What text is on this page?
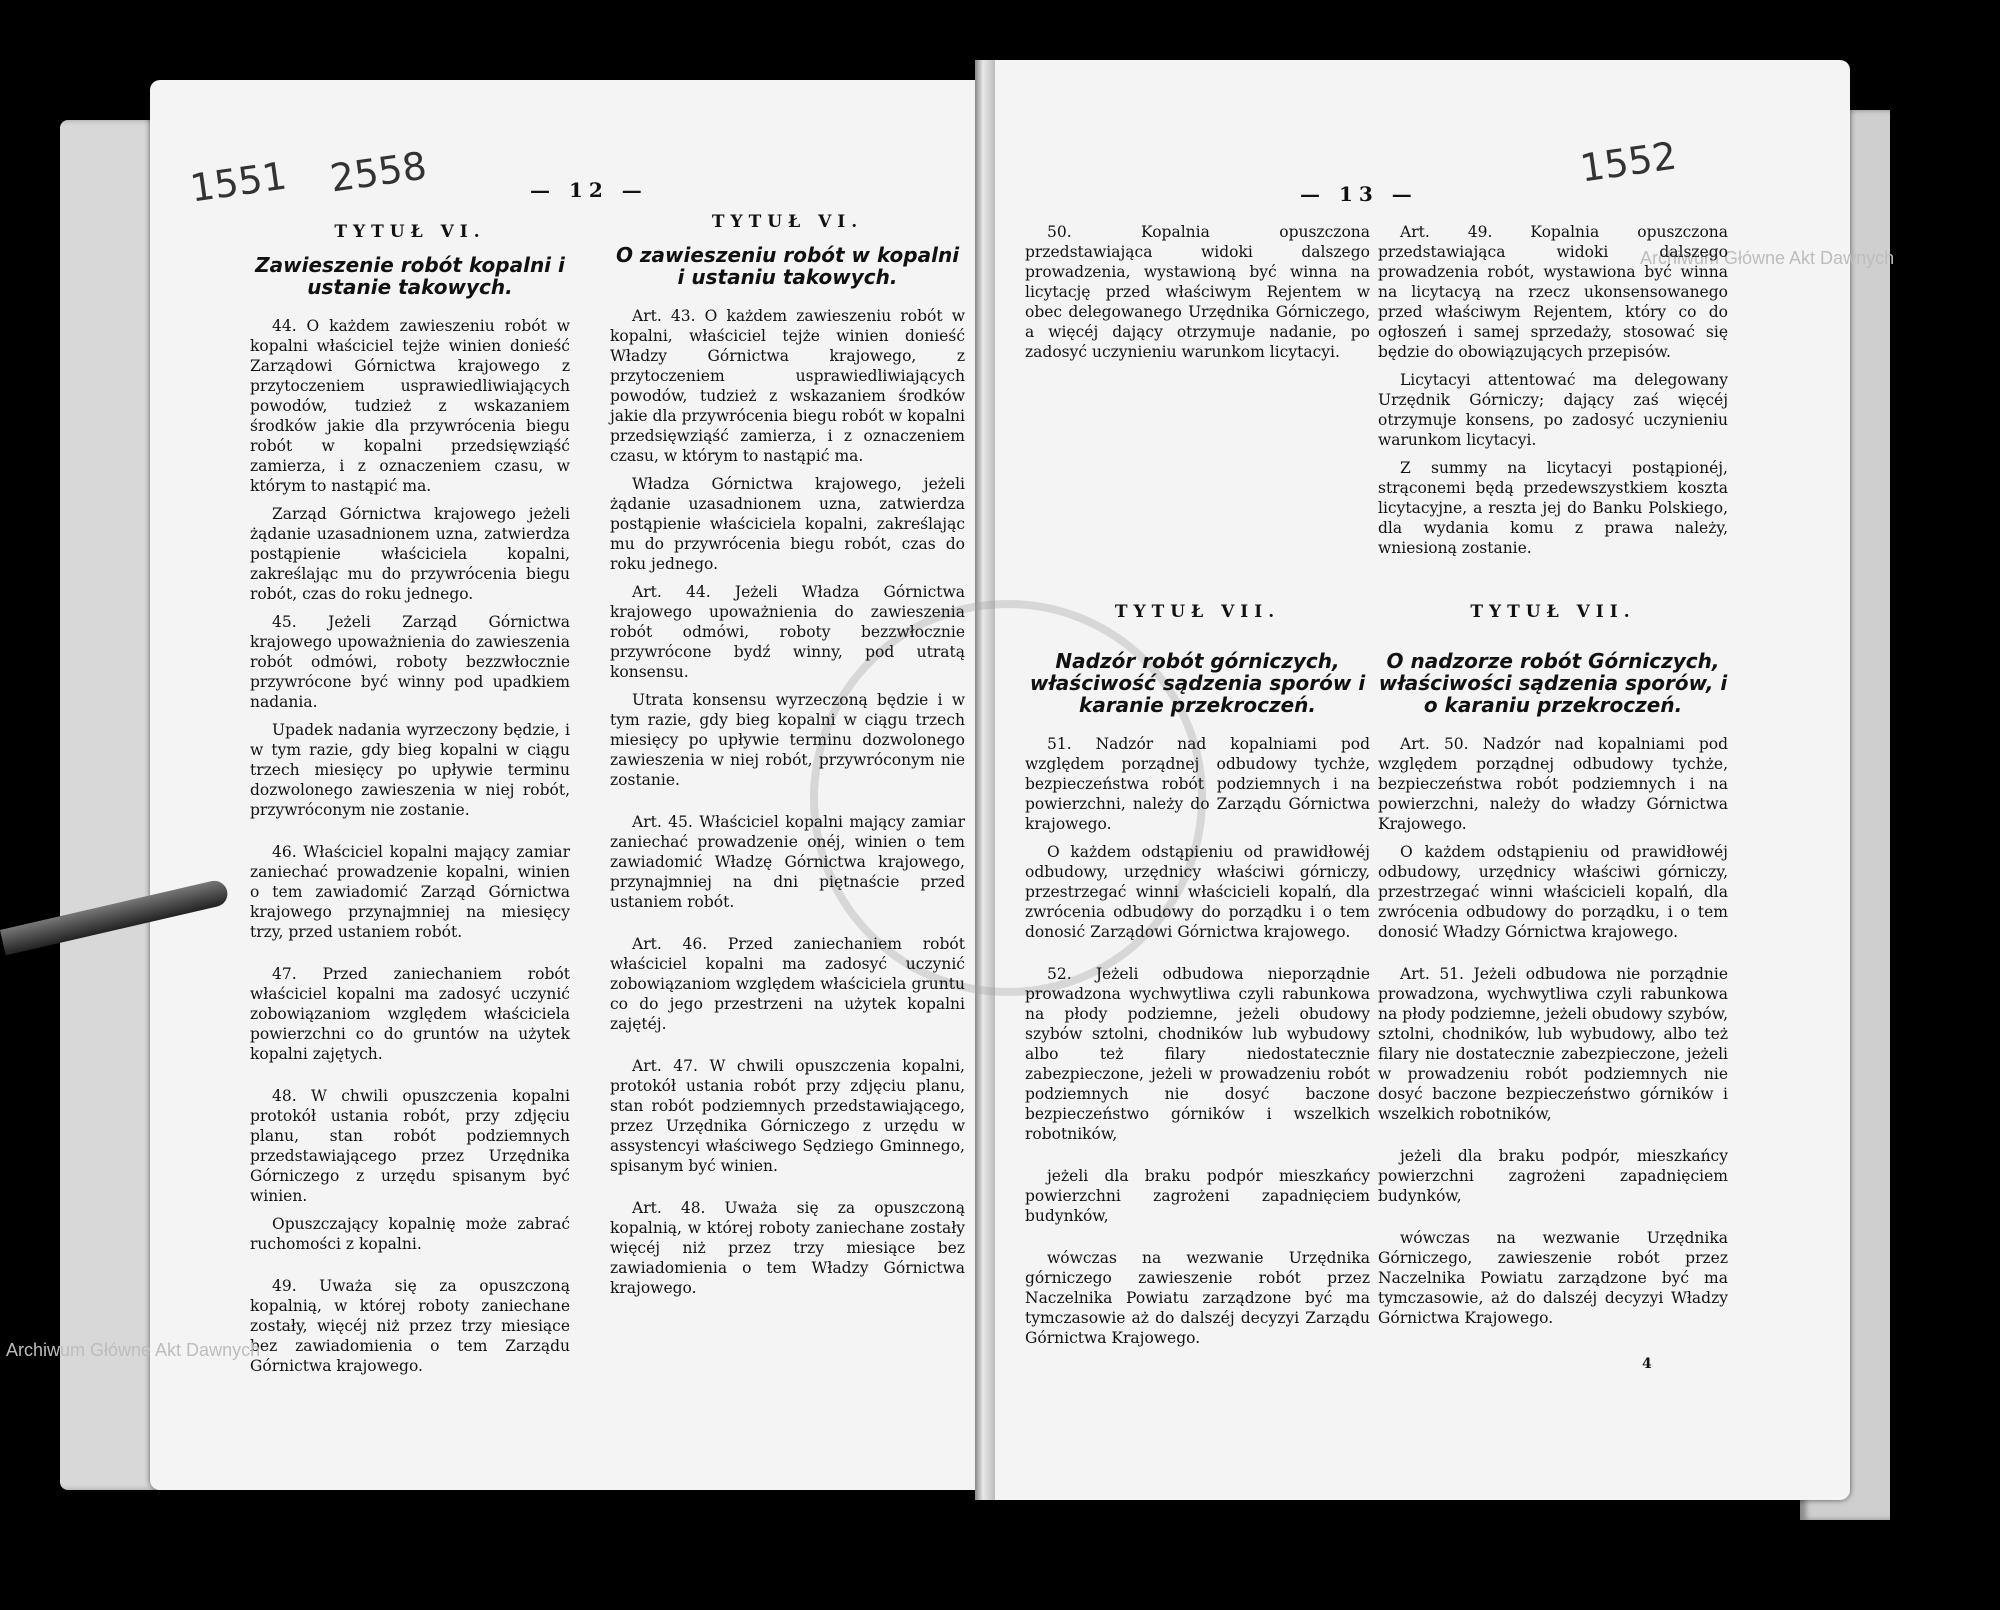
1551 2558	— 12 —
TYTUŁ VI.
Zawieszenie robót kopalni i ustanie takowych.

44. O każdem zawieszeniu robót w kopalni właściciel tejże winien donieść Zarządowi Górnictwa krajowego z przytoczeniem usprawiedliwiających powodów, tudzież z wskazaniem środków jakie dla przywrócenia biegu robót w kopalni przedsięwziąść zamierza, i z oznaczeniem czasu, w którym to nastąpić ma.

Zarząd Górnictwa krajowego jeżeli żądanie uzasadnionem uzna, zatwierdza postąpienie właściciela kopalni, zakreślając mu do przywrócenia biegu robót, czas do roku jednego.

45. Jeżeli Zarząd Górnictwa krajowego upoważnienia do zawieszenia robót odmówi, roboty bezzwłocznie przywrócone być winny pod upadkiem nadania.

Upadek nadania wyrzeczony będzie, i w tym razie, gdy bieg kopalni w ciągu trzech miesięcy po upływie terminu dozwolonego zawieszenia w niej robót, przywróconym nie zostanie.

46. Właściciel kopalni mający zamiar zaniechać prowadzenie kopalni, winien o tem zawiadomić Zarząd Górnictwa krajowego przynajmniej na miesięcy trzy, przed ustaniem robót.

47. Przed zaniechaniem robót właściciel kopalni ma zadosyć uczynić zobowiązaniom względem właściciela powierzchni co do gruntów na użytek kopalni zajętych.

48. W chwili opuszczenia kopalni protokół ustania robót, przy zdjęciu planu, stan robót podziemnych przedstawiającego przez Urzędnika Górniczego z urzędu spisanym być winien.

Opuszczający kopalnię może zabrać ruchomości z kopalni.

49. Uważa się za opuszczoną kopalnią, w której roboty zaniechane zostały, więcéj niż przez trzy miesiące bez zawiadomienia o tem Zarządu Górnictwa krajowego.

TYTUŁ VI.
O zawieszeniu robót w kopalni i ustaniu takowych.

Art. 43. O każdem zawieszeniu robót w kopalni, właściciel tejże winien donieść Władzy Górnictwa krajowego, z przytoczeniem usprawiedliwiających powodów, tudzież z wskazaniem środków jakie dla przywrócenia biegu robót w kopalni przedsięwziąść zamierza, i z oznaczeniem czasu, w którym to nastąpić ma.

Władza Górnictwa krajowego, jeżeli żądanie uzasadnionem uzna, zatwierdza postąpienie właściciela kopalni, zakreślając mu do przywrócenia biegu robót, czas do roku jednego.

Art. 44. Jeżeli Władza Górnictwa krajowego upoważnienia do zawieszenia robót odmówi, roboty bezzwłocznie przywrócone bydź winny, pod utratą konsensu.

Utrata konsensu wyrzeczoną będzie i w tym razie, gdy bieg kopalni w ciągu trzech miesięcy po upływie terminu dozwolonego zawieszenia w niej robót, przywróconym nie zostanie.

Art. 45. Właściciel kopalni mający zamiar zaniechać prowadzenie onéj, winien o tem zawiadomić Władzę Górnictwa krajowego, przynajmniej na dni piętnaście przed ustaniem robót.

Art. 46. Przed zaniechaniem robót właściciel kopalni ma zadosyć uczynić zobowiązaniom względem właściciela gruntu co do jego przestrzeni na użytek kopalni zajętéj.

Art. 47. W chwili opuszczenia kopalni, protokół ustania robót przy zdjęciu planu, stan robót podziemnych przedstawiającego, przez Urzędnika Górniczego z urzędu w assystencyi właściwego Sędziego Gminnego, spisanym być winien.

Art. 48. Uważa się za opuszczoną kopalnią, w której roboty zaniechane zostały więcéj niż przez trzy miesiące bez zawiadomienia o tem Władzy Górnictwa krajowego.

Archiwum Główne Akt Dawnych
— 13 —
1552
Archiwum Główne Akt Dawnych

50. Kopalnia opuszczona przedstawiająca widoki dalszego prowadzenia, wystawioną być winna na licytację przed właściwym Rejentem w obec delegowanego Urzędnika Górniczego, a więcéj dający otrzymuje nadanie, po zadosyć uczynieniu warunkom licytacyi.

Art. 49. Kopalnia opuszczona przedstawiająca widoki dalszego prowadzenia robót, wystawiona być winna na licytacyą na rzecz ukonsensowanego przed właściwym Rejentem, który co do ogłoszeń i samej sprzedaży, stosować się będzie do obowiązujących przepisów.

Licytacyi attentować ma delegowany Urzędnik Górniczy; dający zaś więcéj otrzymuje konsens, po zadosyć uczynieniu warunkom licytacyi.

Z summy na licytacyi postąpionéj, strąconemi będą przedewszystkiem koszta licytacyjne, a reszta jej do Banku Polskiego, dla wydania komu z prawa należy, wniesioną zostanie.

TYTUŁ VII.
Nadzór robót górniczych, właściwość sądzenia sporów i karanie przekroczeń.

51. Nadzór nad kopalniami pod względem porządnej odbudowy tychże, bezpieczeństwa robót podziemnych i na powierzchni, należy do Zarządu Górnictwa krajowego.

O każdem odstąpieniu od prawidłowéj odbudowy, urzędnicy właściwi górniczy, przestrzegać winni właścicieli kopalń, dla zwrócenia odbudowy do porządku i o tem donosić Zarządowi Górnictwa krajowego.

52. Jeżeli odbudowa nieporządnie prowadzona wychwytliwa czyli rabunkowa na płody podziemne, jeżeli obudowy szybów sztolni, chodników lub wybudowy albo też filary niedostatecznie zabezpieczone, jeżeli w prowadzeniu robót podziemnych nie dosyć baczone bezpieczeństwo górników i wszelkich robotników,

jeżeli dla braku podpór mieszkańcy powierzchni zagrożeni zapadnięciem budynków,

wówczas na wezwanie Urzędnika górniczego zawieszenie robót przez Naczelnika Powiatu zarządzone być ma tymczasowie aż do dalszéj decyzyi Zarządu Górnictwa Krajowego.

TYTUŁ VII.
O nadzorze robót Górniczych, właściwości sądzenia sporów, i o karaniu przekroczeń.

Art. 50. Nadzór nad kopalniami pod względem porządnej odbudowy tychże, bezpieczeństwa robót podziemnych i na powierzchni, należy do władzy Górnictwa Krajowego.

O każdem odstąpieniu od prawidłowéj odbudowy, urzędnicy właściwi górniczy, przestrzegać winni właścicieli kopalń, dla zwrócenia odbudowy do porządku, i o tem donosić Władzy Górnictwa krajowego.

Art. 51. Jeżeli odbudowa nie porządnie prowadzona, wychwytliwa czyli rabunkowa na płody podziemne, jeżeli obudowy szybów, sztolni, chodników, lub wybudowy, albo też filary nie dostatecznie zabezpieczone, jeżeli w prowadzeniu robót podziemnych nie dosyć baczone bezpieczeństwo górników i wszelkich robotników,

jeżeli dla braku podpór, mieszkańcy powierzchni zagrożeni zapadnięciem budynków,

wówczas na wezwanie Urzędnika Górniczego, zawieszenie robót przez Naczelnika Powiatu zarządzone być ma tymczasowie, aż do dalszéj decyzyi Władzy Górnictwa Krajowego.

4
